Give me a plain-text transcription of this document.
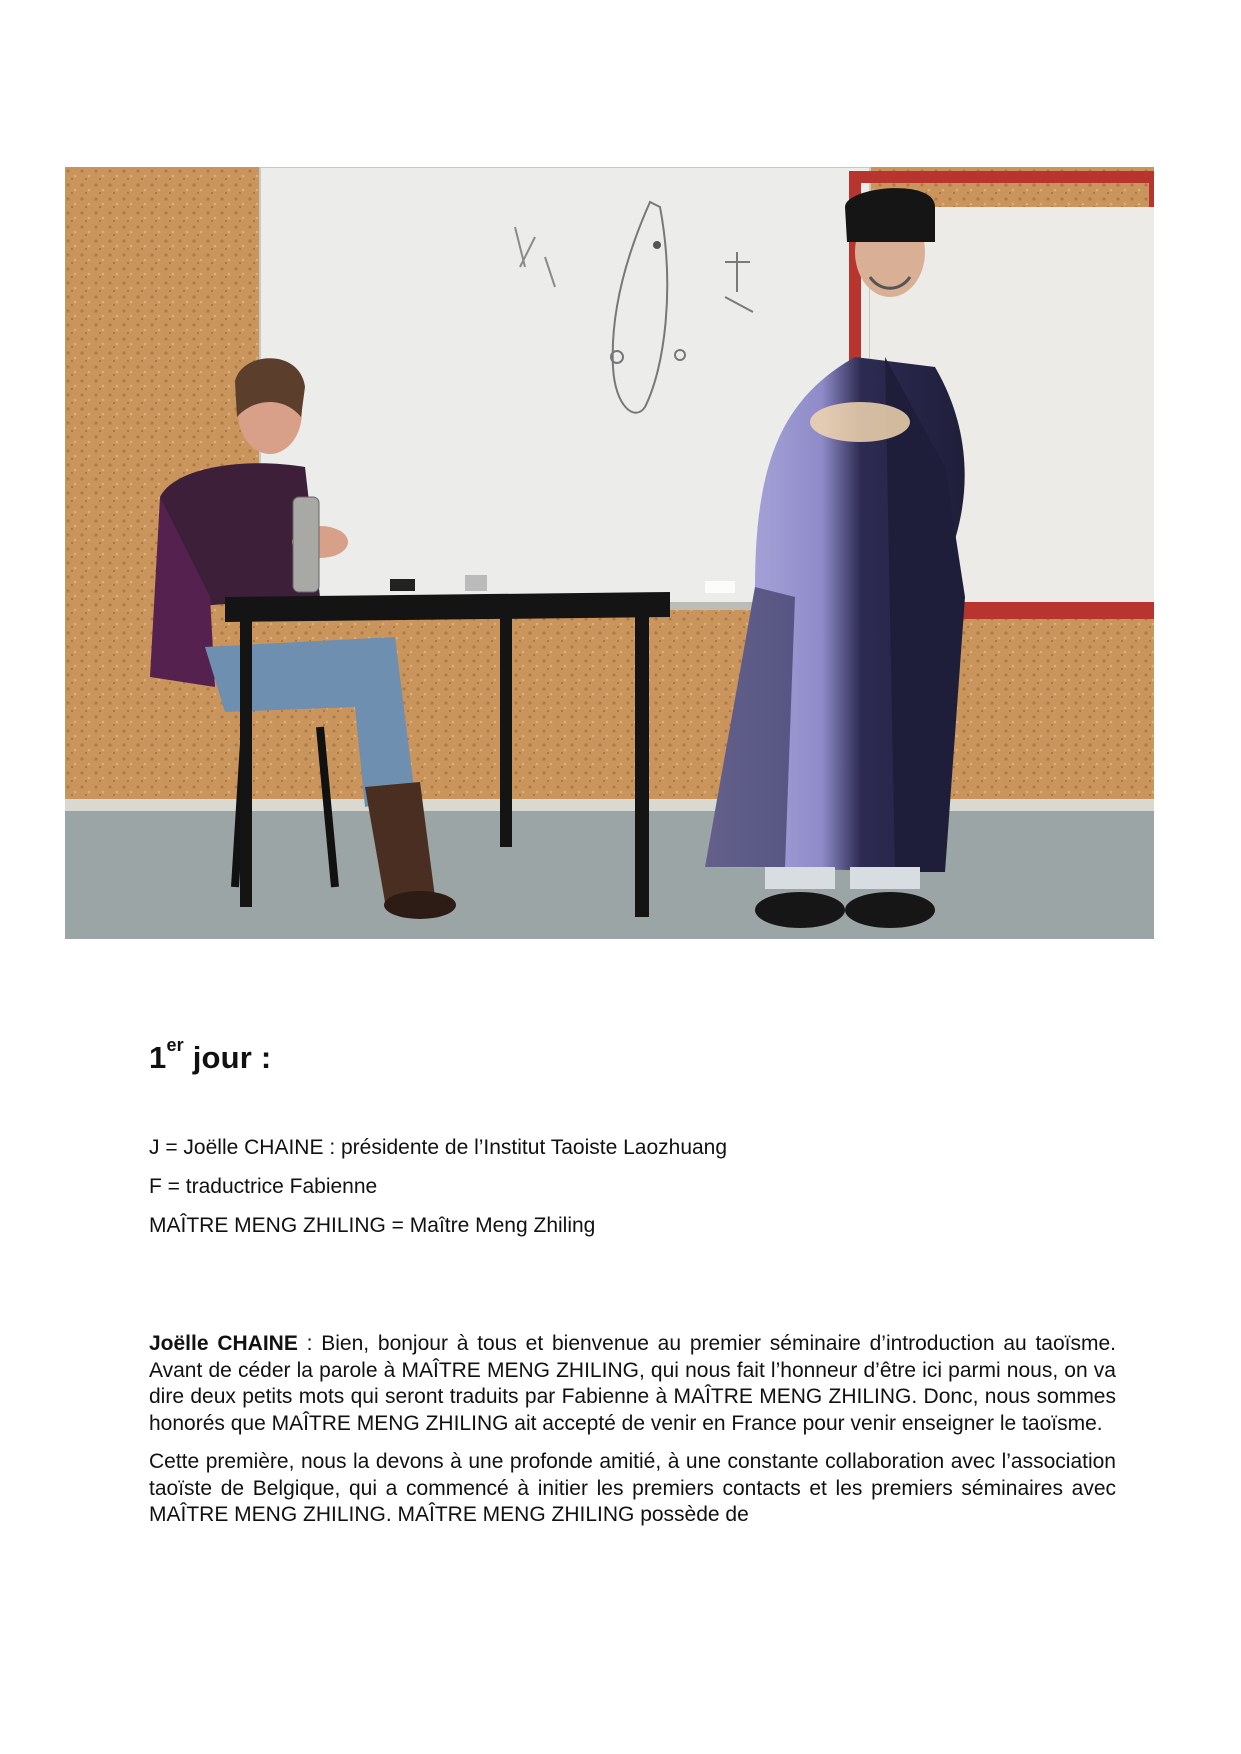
1er jour :
J = Joëlle CHAINE : présidente de l’Institut Taoiste Laozhuang
F = traductrice Fabienne
MAÎTRE MENG ZHILING = Maître Meng Zhiling

Joëlle CHAINE : Bien, bonjour à tous et bienvenue au premier séminaire d’introduction au taoïsme. Avant de céder la parole à MAÎTRE MENG ZHILING, qui nous fait l’honneur d’être ici parmi nous, on va dire deux petits mots qui seront traduits par Fabienne à MAÎTRE MENG ZHILING. Donc, nous sommes honorés que MAÎTRE MENG ZHILING ait accepté de venir en France pour venir enseigner le taoïsme.

Cette première, nous la devons à une profonde amitié, à une constante collaboration avec l’association taoïste de Belgique, qui a commencé à initier les premiers contacts et les premiers séminaires avec MAÎTRE MENG ZHILING. MAÎTRE MENG ZHILING possède de
